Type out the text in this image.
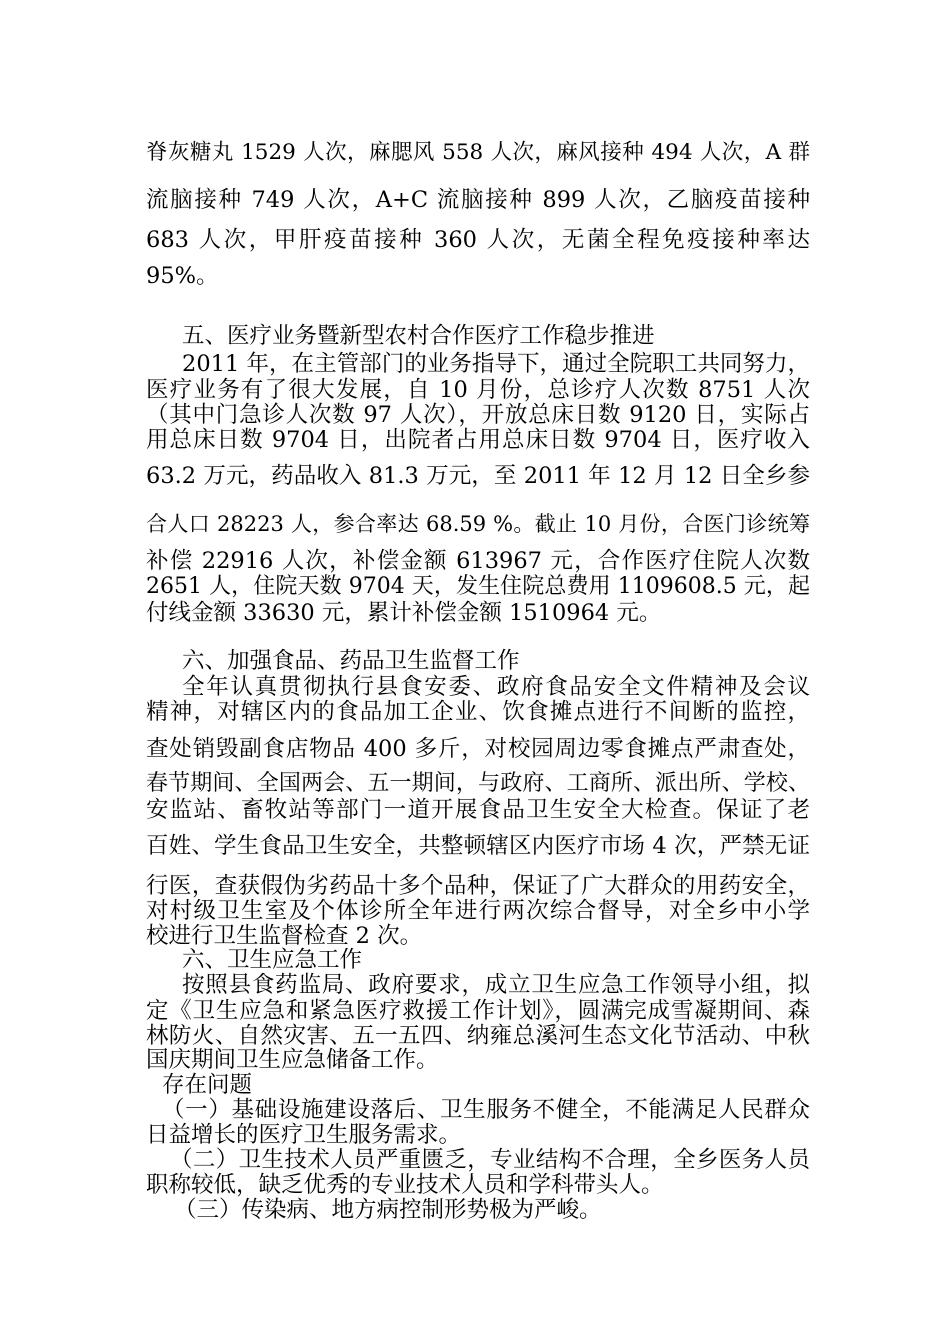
脊灰糖丸 1529 人次，麻腮风 558 人次，麻风接种 494 人次，A 群
流脑接种 749 人次，A+C 流脑接种 899 人次，乙脑疫苗接种
683 人次，甲肝疫苗接种 360 人次，无菌全程免疫接种率达
95%。
五、医疗业务暨新型农村合作医疗工作稳步推进
2011 年，在主管部门的业务指导下，通过全院职工共同努力，
医疗业务有了很大发展，自 10 月份，总诊疗人次数 8751 人次
（其中门急诊人次数 97 人次），开放总床日数 9120 日，实际占
用总床日数 9704 日，出院者占用总床日数 9704 日，医疗收入
63.2 万元，药品收入 81.3 万元，至 2011 年 12 月 12 日全乡参
合人口 28223 人，参合率达 68.59 %。截止 10 月份，合医门诊统筹
补偿 22916 人次，补偿金额 613967 元，合作医疗住院人次数
2651 人，住院天数 9704 天，发生住院总费用 1109608.5 元，起
付线金额 33630 元，累计补偿金额 1510964 元。
六、加强食品、药品卫生监督工作
全年认真贯彻执行县食安委、政府食品安全文件精神及会议
精神，对辖区内的食品加工企业、饮食摊点进行不间断的监控，
查处销毁副食店物品 400 多斤，对校园周边零食摊点严肃查处，
春节期间、全国两会、五一期间，与政府、工商所、派出所、学校、
安监站、畜牧站等部门一道开展食品卫生安全大检查。保证了老
百姓、学生食品卫生安全，共整顿辖区内医疗市场 4 次，严禁无证
行医，查获假伪劣药品十多个品种，保证了广大群众的用药安全，
对村级卫生室及个体诊所全年进行两次综合督导，对全乡中小学
校进行卫生监督检查 2 次。
六、卫生应急工作
按照县食药监局、政府要求，成立卫生应急工作领导小组，拟
定《卫生应急和紧急医疗救援工作计划》，圆满完成雪凝期间、森
林防火、自然灾害、五一五四、纳雍总溪河生态文化节活动、中秋
国庆期间卫生应急储备工作。
存在问题
（一）基础设施建设落后、卫生服务不健全，不能满足人民群众
日益增长的医疗卫生服务需求。
（二）卫生技术人员严重匮乏，专业结构不合理，全乡医务人员
职称较低，缺乏优秀的专业技术人员和学科带头人。
（三）传染病、地方病控制形势极为严峻。
